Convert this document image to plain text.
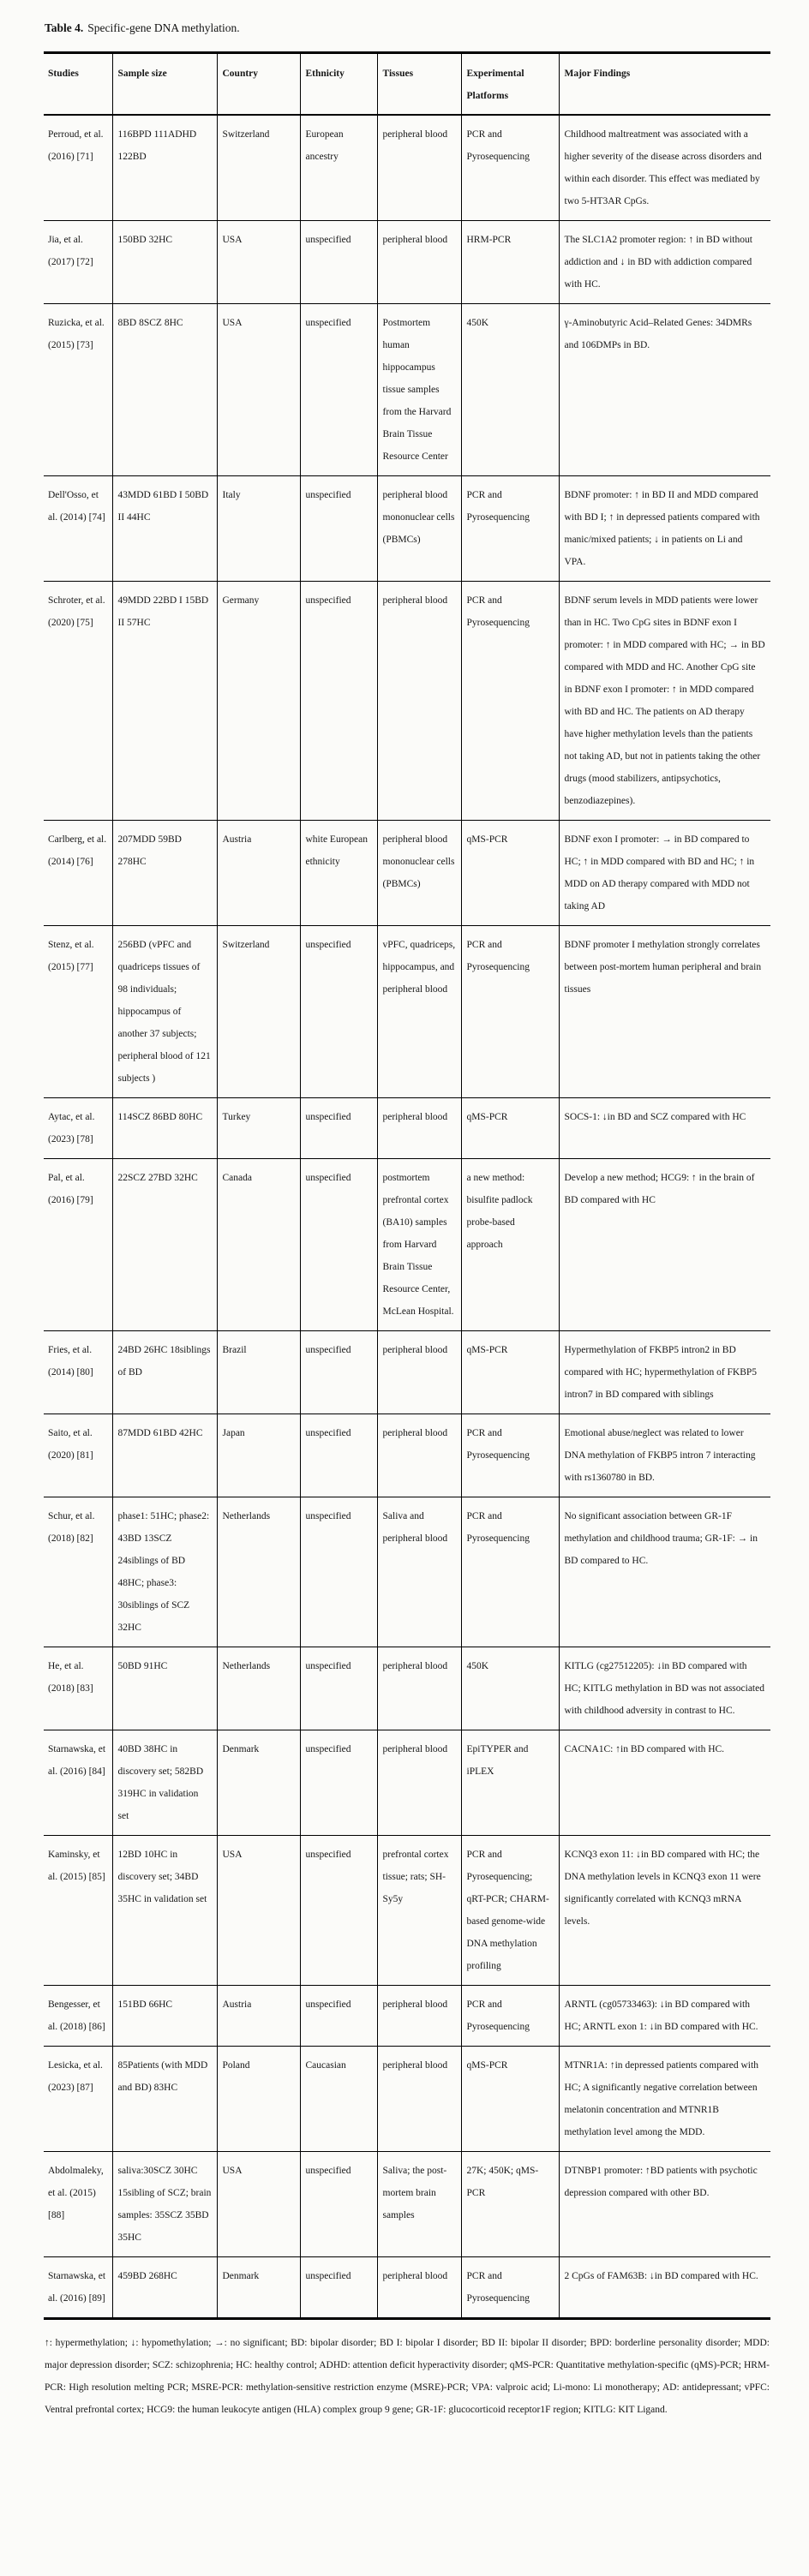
Table 4. Specific-gene DNA methylation.

Studies	Sample size	Country	Ethnicity	Tissues	Experimental Platforms	Major Findings
Perroud, et al. (2016) [71]	116BPD 111ADHD 122BD	Switzerland	European ancestry	peripheral blood	PCR and Pyrosequencing	Childhood maltreatment was associated with a higher severity of the disease across disorders and within each disorder. This effect was mediated by two 5-HT3AR CpGs.
Jia, et al. (2017) [72]	150BD 32HC	USA	unspecified	peripheral blood	HRM-PCR	The SLC1A2 promoter region: ↑ in BD without addiction and ↓ in BD with addiction compared with HC.
Ruzicka, et al. (2015) [73]	8BD 8SCZ 8HC	USA	unspecified	Postmortem human hippocampus tissue samples from the Harvard Brain Tissue Resource Center	450K	γ-Aminobutyric Acid–Related Genes: 34DMRs and 106DMPs in BD.
Dell'Osso, et al. (2014) [74]	43MDD 61BD I 50BD II 44HC	Italy	unspecified	peripheral blood mononuclear cells (PBMCs)	PCR and Pyrosequencing	BDNF promoter: ↑ in BD II and MDD compared with BD I; ↑ in depressed patients compared with manic/mixed patients; ↓ in patients on Li and VPA.
Schroter, et al. (2020) [75]	49MDD 22BD I 15BD II 57HC	Germany	unspecified	peripheral blood	PCR and Pyrosequencing	BDNF serum levels in MDD patients were lower than in HC. Two CpG sites in BDNF exon I promoter: ↑ in MDD compared with HC; → in BD compared with MDD and HC. Another CpG site in BDNF exon I promoter: ↑ in MDD compared with BD and HC. The patients on AD therapy have higher methylation levels than the patients not taking AD, but not in patients taking the other drugs (mood stabilizers, antipsychotics, benzodiazepines).
Carlberg, et al. (2014) [76]	207MDD 59BD 278HC	Austria	white European ethnicity	peripheral blood mononuclear cells (PBMCs)	qMS-PCR	BDNF exon I promoter: → in BD compared to HC; ↑ in MDD compared with BD and HC; ↑ in MDD on AD therapy compared with MDD not taking AD
Stenz, et al. (2015) [77]	256BD (vPFC and quadriceps tissues of 98 individuals; hippocampus of another 37 subjects; peripheral blood of 121 subjects )	Switzerland	unspecified	vPFC, quadriceps, hippocampus, and peripheral blood	PCR and Pyrosequencing	BDNF promoter I methylation strongly correlates between post-mortem human peripheral and brain tissues
Aytac, et al. (2023) [78]	114SCZ 86BD 80HC	Turkey	unspecified	peripheral blood	qMS-PCR	SOCS-1: ↓in BD and SCZ compared with HC
Pal, et al. (2016) [79]	22SCZ 27BD 32HC	Canada	unspecified	postmortem prefrontal cortex (BA10) samples from Harvard Brain Tissue Resource Center, McLean Hospital.	a new method: bisulfite padlock probe-based approach	Develop a new method; HCG9: ↑ in the brain of BD compared with HC
Fries, et al. (2014) [80]	24BD 26HC 18siblings of BD	Brazil	unspecified	peripheral blood	qMS-PCR	Hypermethylation of FKBP5 intron2 in BD compared with HC; hypermethylation of FKBP5 intron7 in BD compared with siblings
Saito, et al. (2020) [81]	87MDD 61BD 42HC	Japan	unspecified	peripheral blood	PCR and Pyrosequencing	Emotional abuse/neglect was related to lower DNA methylation of FKBP5 intron 7 interacting with rs1360780 in BD.
Schur, et al. (2018) [82]	phase1: 51HC; phase2: 43BD 13SCZ 24siblings of BD 48HC; phase3: 30siblings of SCZ 32HC	Netherlands	unspecified	Saliva and peripheral blood	PCR and Pyrosequencing	No significant association between GR-1F methylation and childhood trauma; GR-1F: → in BD compared to HC.
He, et al. (2018) [83]	50BD 91HC	Netherlands	unspecified	peripheral blood	450K	KITLG (cg27512205): ↓in BD compared with HC; KITLG methylation in BD was not associated with childhood adversity in contrast to HC.
Starnawska, et al. (2016) [84]	40BD 38HC in discovery set; 582BD 319HC in validation set	Denmark	unspecified	peripheral blood	EpiTYPER and iPLEX	CACNA1C: ↑in BD compared with HC.
Kaminsky, et al. (2015) [85]	12BD 10HC in discovery set; 34BD 35HC in validation set	USA	unspecified	prefrontal cortex tissue; rats; SH-Sy5y	PCR and Pyrosequencing; qRT-PCR; CHARM-based genome-wide DNA methylation profiling	KCNQ3 exon 11: ↓in BD compared with HC; the DNA methylation levels in KCNQ3 exon 11 were significantly correlated with KCNQ3 mRNA levels.
Bengesser, et al. (2018) [86]	151BD 66HC	Austria	unspecified	peripheral blood	PCR and Pyrosequencing	ARNTL (cg05733463): ↓in BD compared with HC; ARNTL exon 1: ↓in BD compared with HC.
Lesicka, et al. (2023) [87]	85Patients (with MDD and BD) 83HC	Poland	Caucasian	peripheral blood	qMS-PCR	MTNR1A: ↑in depressed patients compared with HC; A significantly negative correlation between melatonin concentration and MTNR1B methylation level among the MDD.
Abdolmaleky, et al. (2015) [88]	saliva:30SCZ 30HC 15sibling of SCZ; brain samples: 35SCZ 35BD 35HC	USA	unspecified	Saliva; the post-mortem brain samples	27K; 450K; qMS-PCR	DTNBP1 promoter: ↑BD patients with psychotic depression compared with other BD.
Starnawska, et al. (2016) [89]	459BD 268HC	Denmark	unspecified	peripheral blood	PCR and Pyrosequencing	2 CpGs of FAM63B: ↓in BD compared with HC.

↑: hypermethylation; ↓: hypomethylation; →: no significant; BD: bipolar disorder; BD I: bipolar I disorder; BD II: bipolar II disorder; BPD: borderline personality disorder; MDD: major depression disorder; SCZ: schizophrenia; HC: healthy control; ADHD: attention deficit hyperactivity disorder; qMS-PCR: Quantitative methylation-specific (qMS)-PCR; HRM-PCR: High resolution melting PCR; MSRE-PCR: methylation-sensitive restriction enzyme (MSRE)-PCR; VPA: valproic acid; Li-mono: Li monotherapy; AD: antidepressant; vPFC: Ventral prefrontal cortex; HCG9: the human leukocyte antigen (HLA) complex group 9 gene; GR-1F: glucocorticoid receptor1F region; KITLG: KIT Ligand.
